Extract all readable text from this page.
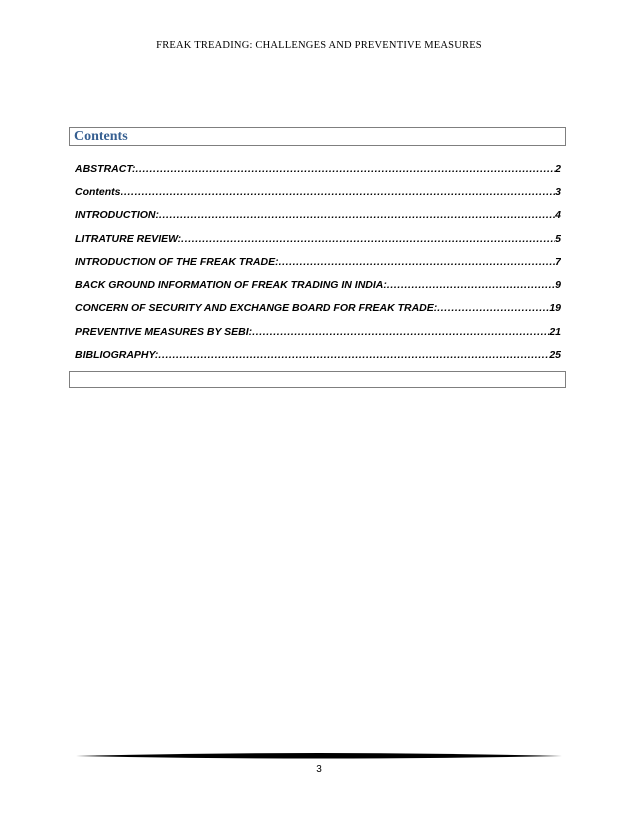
FREAK TREADING: CHALLENGES AND PREVENTIVE MEASURES
Contents
ABSTRACT: .....	2
Contents .....	3
INTRODUCTION: .....	4
LITRATURE REVIEW: .....	5
INTRODUCTION OF THE FREAK TRADE: .....	7
BACK GROUND INFORMATION OF FREAK TRADING IN INDIA: .....	9
CONCERN OF SECURITY AND EXCHANGE BOARD FOR FREAK TRADE: .....	19
PREVENTIVE MEASURES BY SEBI: .....	21
BIBLIOGRAPHY: .....	25
3
